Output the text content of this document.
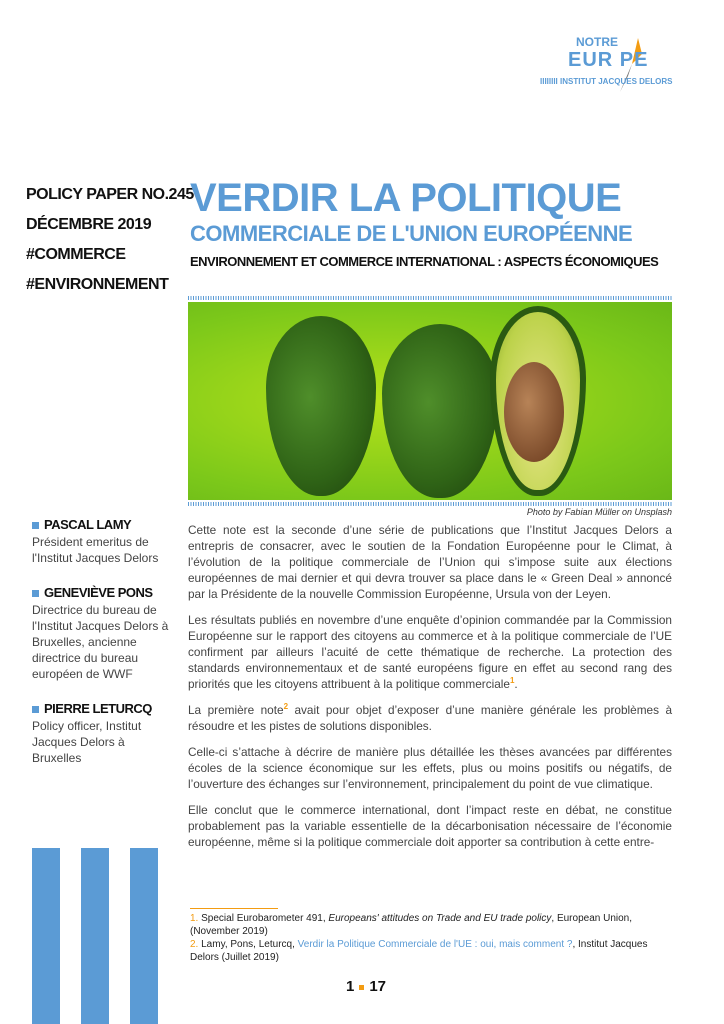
NOTRE
EUR PE
IIIIIIII INSTITUT JACQUES DELORS
POLICY PAPER NO.245
DÉCEMBRE 2019
#COMMERCE
#ENVIRONNEMENT
VERDIR LA POLITIQUE
COMMERCIALE DE L'UNION EUROPÉENNE
ENVIRONNEMENT ET COMMERCE INTERNATIONAL : ASPECTS ÉCONOMIQUES
Photo by Fabian Müller on Unsplash
PASCAL LAMY
Président emeritus de l'Institut Jacques Delors
GENEVIÈVE PONS
Directrice du bureau de l'Institut Jacques Delors à Bruxelles, ancienne directrice du bureau européen de WWF
PIERRE LETURCQ
Policy officer, Institut Jacques Delors à Bruxelles

Cette note est la seconde d’une série de publications que l’Institut Jacques Delors a entrepris de consacrer, avec le soutien de la Fondation Européenne pour le Climat, à l’évolution de la politique commerciale de l’Union qui s’impose suite aux élections européennes de mai dernier et qui devra trouver sa place dans le « Green Deal » annoncé par la Présidente de la nouvelle Commission Européenne, Ursula von der Leyen.

Les résultats publiés en novembre d’une enquête d’opinion commandée par la Commission Européenne sur le rapport des citoyens au commerce et à la politique commerciale de l’UE confirment par ailleurs l’acuité de cette thématique de recherche. La protection des standards environnementaux et de santé européens figure en effet au second rang des priorités que les citoyens attribuent à la politique commerciale$^1$.

La première note$^2$ avait pour objet d’exposer d’une manière générale les problèmes à résoudre et les pistes de solutions disponibles.

Celle-ci s’attache à décrire de manière plus détaillée les thèses avancées par différentes écoles de la science économique sur les effets, plus ou moins positifs ou négatifs, de l’ouverture des échanges sur l’environnement, principalement du point de vue climatique.

Elle conclut que le commerce international, dont l’impact reste en débat, ne constitue probablement pas la variable essentielle de la décarbonisation nécessaire de l’économie européenne, même si la politique commerciale doit apporter sa contribution à cette entre-

1. Special Eurobarometer 491, Europeans' attitudes on Trade and EU trade policy, European Union, (November 2019)
2. Lamy, Pons, Leturcq, Verdir la Politique Commerciale de l'UE : oui, mais comment ?, Institut Jacques Delors (Juillet 2019)
1 17
